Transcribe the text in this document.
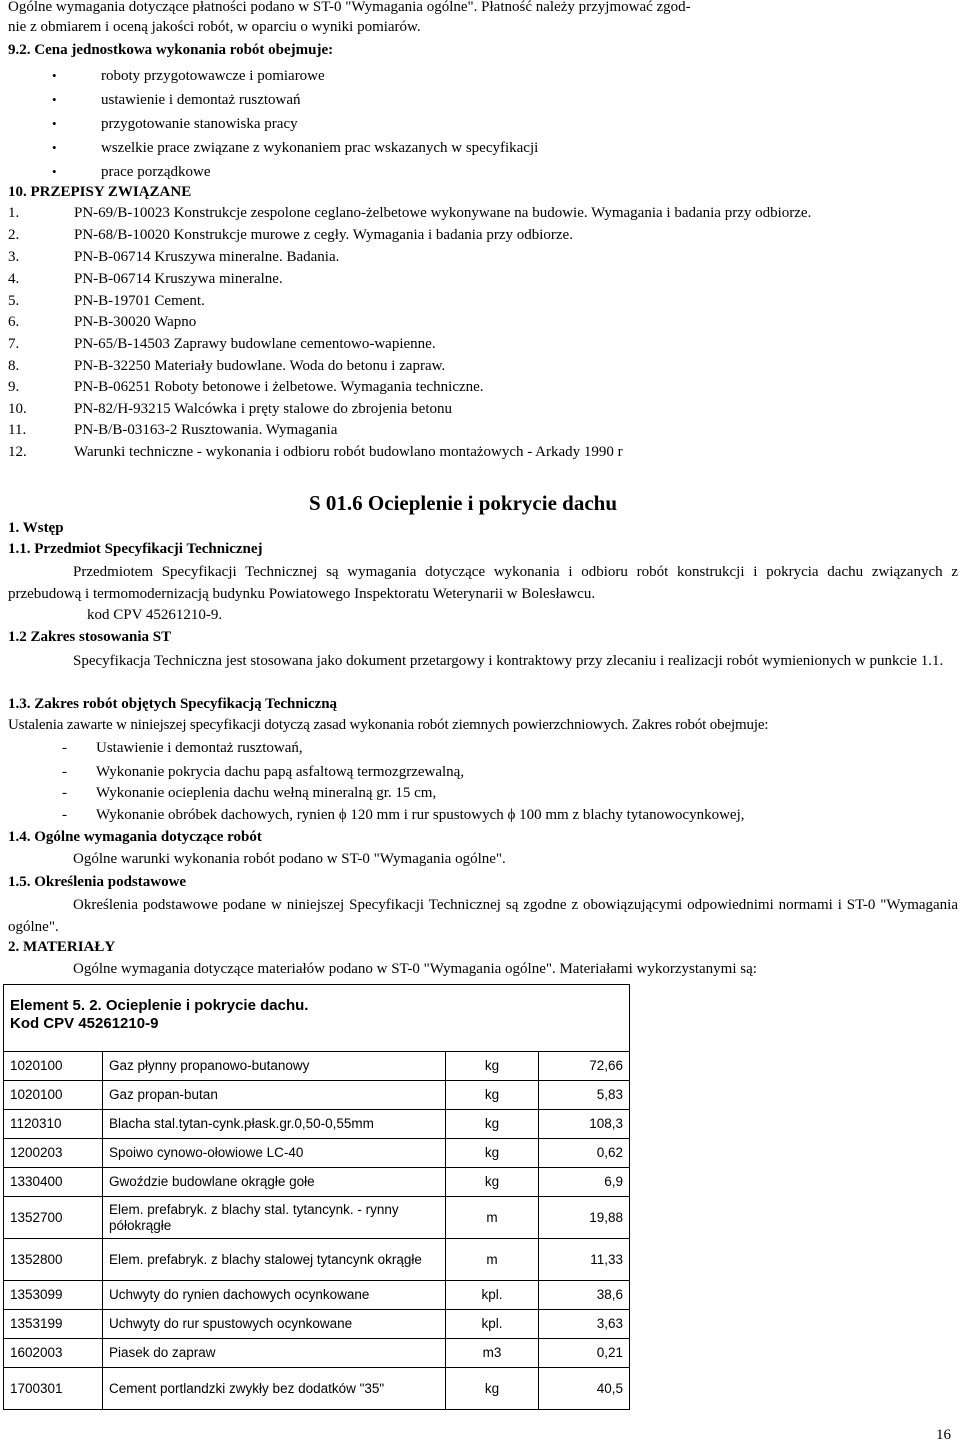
Ogólne wymagania dotyczące płatności podano w ST-0 "Wymagania ogólne". Płatność należy przyjmować zgod-
nie z obmiarem i oceną jakości robót, w oparciu o wyniki pomiarów.
9.2. Cena jednostkowa wykonania robót obejmuje:
•	roboty przygotowawcze i pomiarowe
•	ustawienie i demontaż rusztowań
•	przygotowanie stanowiska pracy
•	wszelkie prace związane z wykonaniem prac wskazanych w specyfikacji
•	prace porządkowe
10. PRZEPISY ZWIĄZANE
1.	PN-69/B-10023 Konstrukcje zespolone ceglano-żelbetowe wykonywane na budowie. Wymagania i badania przy odbiorze.
2.	PN-68/B-10020 Konstrukcje murowe z cegły. Wymagania i badania przy odbiorze.
3.	PN-B-06714 Kruszywa mineralne. Badania.
4.	PN-B-06714 Kruszywa mineralne.
5.	PN-B-19701 Cement.
6.	PN-B-30020 Wapno
7.	PN-65/B-14503 Zaprawy budowlane cementowo-wapienne.
8.	PN-B-32250 Materiały budowlane. Woda do betonu i zapraw.
9.	PN-B-06251 Roboty betonowe i żelbetowe. Wymagania techniczne.
10.	PN-82/H-93215 Walcówka i pręty stalowe do zbrojenia betonu
11.	PN-B/B-03163-2 Rusztowania. Wymagania
12.	Warunki techniczne - wykonania i odbioru robót budowlano montażowych - Arkady 1990 r
S 01.6 Ocieplenie i pokrycie dachu
1. Wstęp
1.1. Przedmiot Specyfikacji Technicznej
Przedmiotem Specyfikacji Technicznej są wymagania dotyczące wykonania i odbioru robót konstrukcji i pokrycia dachu związanych z przebudową i termomodernizacją budynku Powiatowego Inspektoratu Weterynarii w Bolesławcu.
kod CPV 45261210-9.
1.2 Zakres stosowania ST
Specyfikacja Techniczna jest stosowana jako dokument przetargowy i kontraktowy przy zlecaniu i realizacji robót wymienionych w punkcie 1.1.
1.3. Zakres robót objętych Specyfikacją Techniczną
Ustalenia zawarte w niniejszej specyfikacji dotyczą zasad wykonania robót ziemnych powierzchniowych. Zakres robót obejmuje:
- Ustawienie i demontaż rusztowań,
- Wykonanie pokrycia dachu papą asfaltową termozgrzewalną,
- Wykonanie ocieplenia dachu wełną mineralną gr. 15 cm,
- Wykonanie obróbek dachowych, rynien ϕ 120 mm i rur spustowych ϕ 100 mm z blachy tytanowocynkowej,
1.4. Ogólne wymagania dotyczące robót
Ogólne warunki wykonania robót podano w ST-0 "Wymagania ogólne".
1.5. Określenia podstawowe
Określenia podstawowe podane w niniejszej Specyfikacji Technicznej są zgodne z obowiązującymi odpowiednimi normami i ST-0 "Wymagania ogólne".
2. MATERIAŁY
Ogólne wymagania dotyczące materiałów podano w ST-0 "Wymagania ogólne". Materiałami wykorzystanymi są:
Element 5. 2. Ocieplenie i pokrycie dachu.
Kod CPV 45261210-9			

1020100	Gaz płynny propanowo-butanowy	kg	72,66
1020100	Gaz propan-butan	kg	5,83
1120310	Blacha stal.tytan-cynk.płask.gr.0,50-0,55mm	kg	108,3
1200203	Spoiwo cynowo-ołowiowe LC-40	kg	0,62
1330400	Gwoździe budowlane okrągłe gołe	kg	6,9
1352700	Elem. prefabryk. z blachy stal. tytancynk. - rynny półokrągłe	m	19,88
1352800	Elem. prefabryk. z blachy stalowej tytancynk okrągłe	m	11,33
1353099	Uchwyty do rynien dachowych ocynkowane	kpl.	38,6
1353199	Uchwyty do rur spustowych ocynkowane	kpl.	3,63
1602003	Piasek do zapraw	m3	0,21
1700301	Cement portlandzki zwykły bez dodatków "35"	kg	40,5
16
